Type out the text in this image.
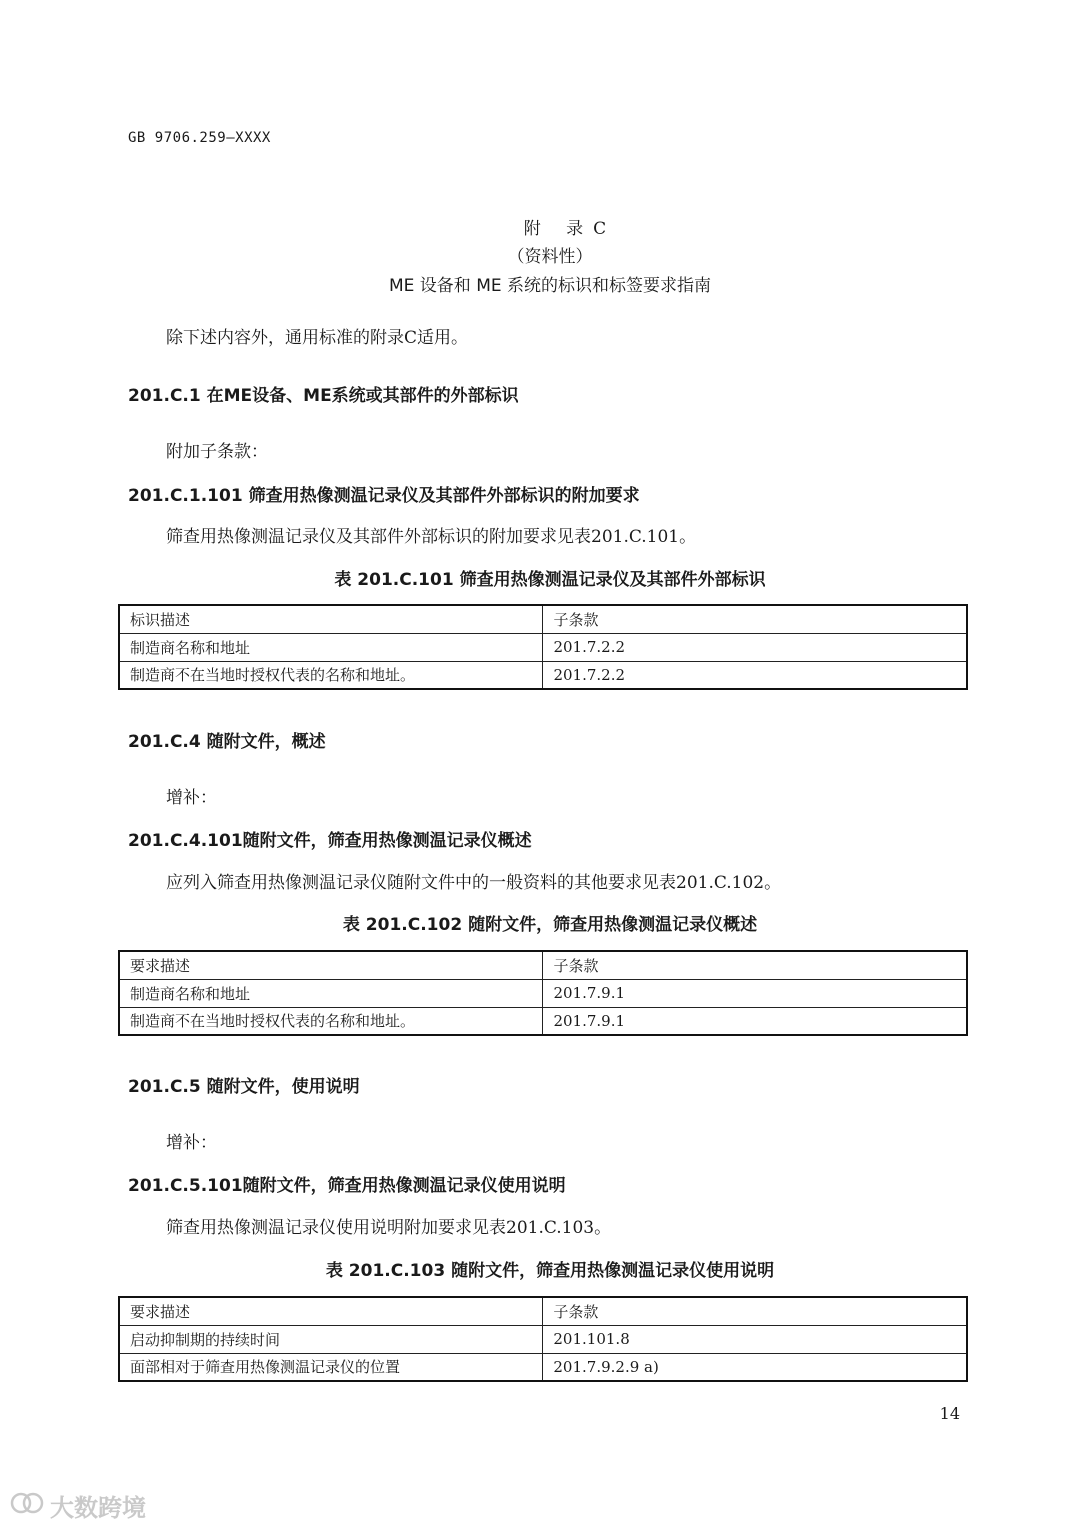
GB 9706.259—XXXX
附 录C
（资料性）
ME 设备和 ME 系统的标识和标签要求指南
除下述内容外，通用标准的附录C适用。
201.C.1 在ME设备、ME系统或其部件的外部标识
附加子条款：
201.C.1.101 筛查用热像测温记录仪及其部件外部标识的附加要求
筛查用热像测温记录仪及其部件外部标识的附加要求见表201.C.101。
表 201.C.101 筛查用热像测温记录仪及其部件外部标识
标识描述	子条款
制造商名称和地址	201.7.2.2
制造商不在当地时授权代表的名称和地址。	201.7.2.2
201.C.4 随附文件，概述
增补：
201.C.4.101随附文件，筛查用热像测温记录仪概述
应列入筛查用热像测温记录仪随附文件中的一般资料的其他要求见表201.C.102。
表 201.C.102 随附文件，筛查用热像测温记录仪概述
要求描述	子条款
制造商名称和地址	201.7.9.1
制造商不在当地时授权代表的名称和地址。	201.7.9.1
201.C.5 随附文件，使用说明
增补：
201.C.5.101随附文件，筛查用热像测温记录仪使用说明
筛查用热像测温记录仪使用说明附加要求见表201.C.103。
表 201.C.103 随附文件，筛查用热像测温记录仪使用说明
要求描述	子条款
启动抑制期的持续时间	201.101.8
面部相对于筛查用热像测温记录仪的位置	201.7.9.2.9 a)
14
大数跨境
